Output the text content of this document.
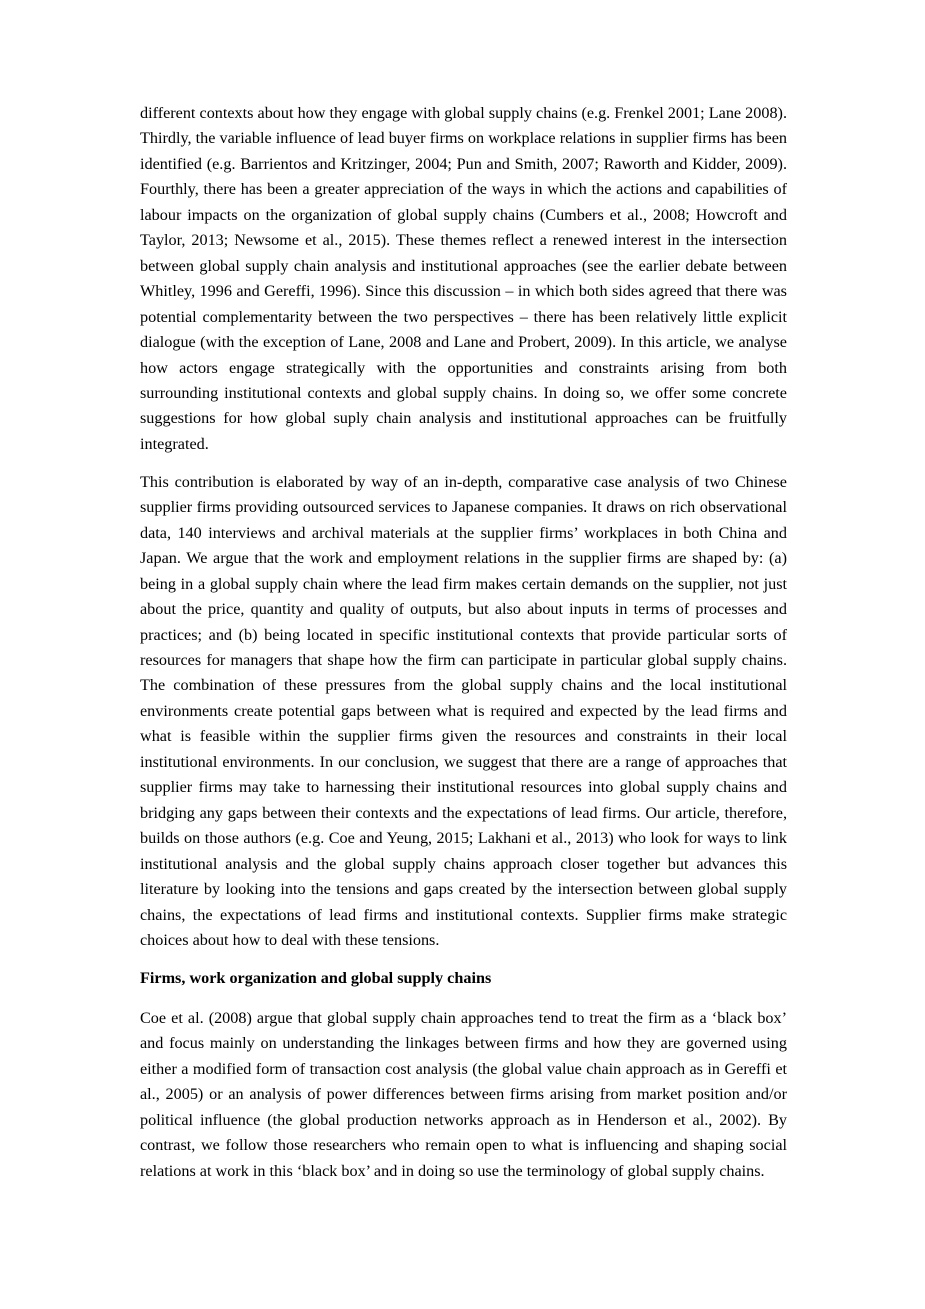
different contexts about how they engage with global supply chains (e.g. Frenkel 2001; Lane 2008). Thirdly, the variable influence of lead buyer firms on workplace relations in supplier firms has been identified (e.g. Barrientos and Kritzinger, 2004; Pun and Smith, 2007; Raworth and Kidder, 2009). Fourthly, there has been a greater appreciation of the ways in which the actions and capabilities of labour impacts on the organization of global supply chains (Cumbers et al., 2008; Howcroft and Taylor, 2013; Newsome et al., 2015). These themes reflect a renewed interest in the intersection between global supply chain analysis and institutional approaches (see the earlier debate between Whitley, 1996 and Gereffi, 1996). Since this discussion – in which both sides agreed that there was potential complementarity between the two perspectives – there has been relatively little explicit dialogue (with the exception of Lane, 2008 and Lane and Probert, 2009). In this article, we analyse how actors engage strategically with the opportunities and constraints arising from both surrounding institutional contexts and global supply chains. In doing so, we offer some concrete suggestions for how global suply chain analysis and institutional approaches can be fruitfully integrated.

This contribution is elaborated by way of an in-depth, comparative case analysis of two Chinese supplier firms providing outsourced services to Japanese companies. It draws on rich observational data, 140 interviews and archival materials at the supplier firms’ workplaces in both China and Japan. We argue that the work and employment relations in the supplier firms are shaped by: (a) being in a global supply chain where the lead firm makes certain demands on the supplier, not just about the price, quantity and quality of outputs, but also about inputs in terms of processes and practices; and (b) being located in specific institutional contexts that provide particular sorts of resources for managers that shape how the firm can participate in particular global supply chains. The combination of these pressures from the global supply chains and the local institutional environments create potential gaps between what is required and expected by the lead firms and what is feasible within the supplier firms given the resources and constraints in their local institutional environments. In our conclusion, we suggest that there are a range of approaches that supplier firms may take to harnessing their institutional resources into global supply chains and bridging any gaps between their contexts and the expectations of lead firms. Our article, therefore, builds on those authors (e.g. Coe and Yeung, 2015; Lakhani et al., 2013) who look for ways to link institutional analysis and the global supply chains approach closer together but advances this literature by looking into the tensions and gaps created by the intersection between global supply chains, the expectations of lead firms and institutional contexts. Supplier firms make strategic choices about how to deal with these tensions.

Firms, work organization and global supply chains

Coe et al. (2008) argue that global supply chain approaches tend to treat the firm as a ‘black box’ and focus mainly on understanding the linkages between firms and how they are governed using either a modified form of transaction cost analysis (the global value chain approach as in Gereffi et al., 2005) or an analysis of power differences between firms arising from market position and/or political influence (the global production networks approach as in Henderson et al., 2002). By contrast, we follow those researchers who remain open to what is influencing and shaping social relations at work in this ‘black box’ and in doing so use the terminology of global supply chains.
